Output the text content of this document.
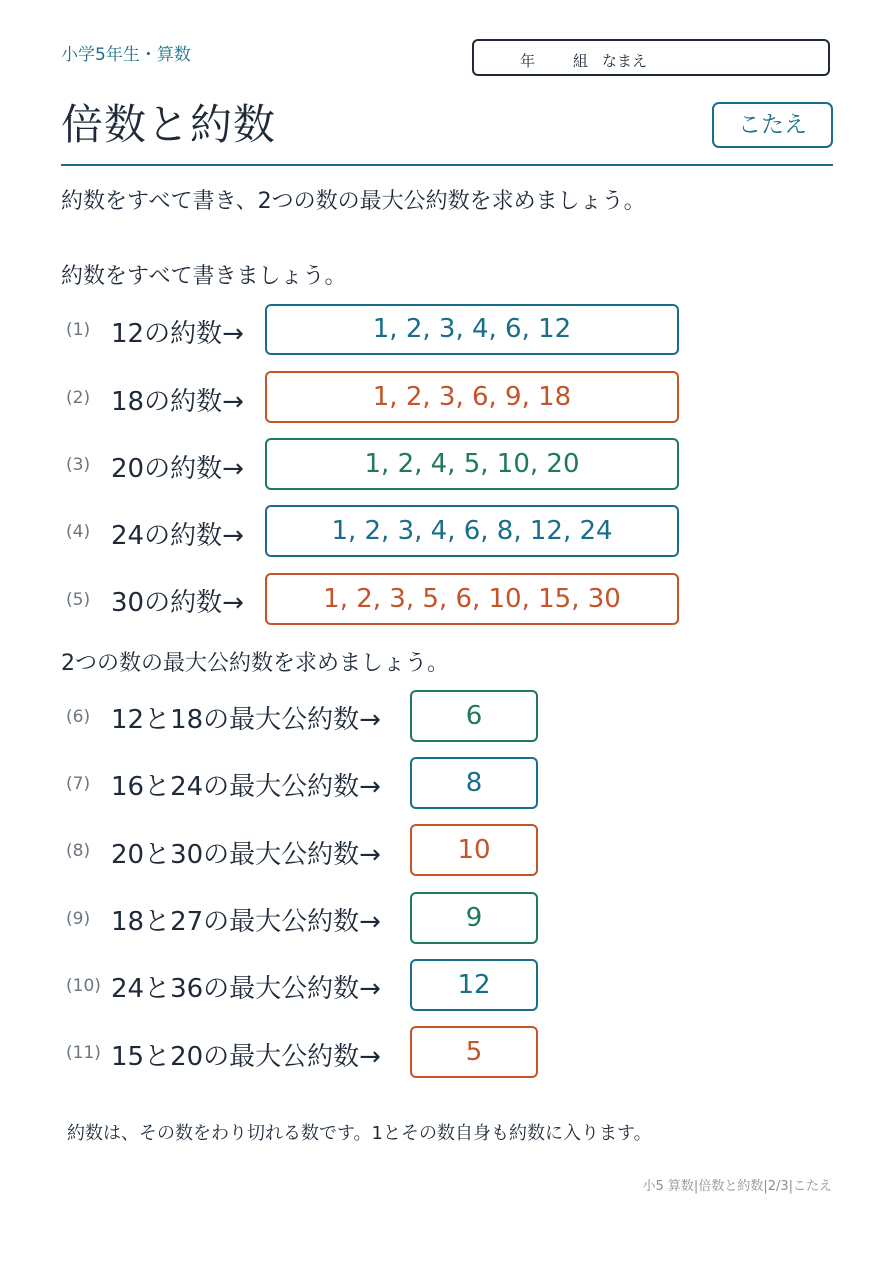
小学5年生・算数	年	組 なまえ
倍数と約数	こたえ
約数をすべて書き、2つの数の最大公約数を求めましょう。
約数をすべて書きましょう。
(1) 12の約数→	1, 2, 3, 4, 6, 12
(2) 18の約数→	1, 2, 3, 6, 9, 18
(3) 20の約数→	1, 2, 4, 5, 10, 20
(4) 24の約数→	1, 2, 3, 4, 6, 8, 12, 24
(5) 30の約数→	1, 2, 3, 5, 6, 10, 15, 30
2つの数の最大公約数を求めましょう。
(6) 12と18の最大公約数→	6
(7) 16と24の最大公約数→	8
(8) 20と30の最大公約数→	10
(9) 18と27の最大公約数→	9
(10) 24と36の最大公約数→	12
(11) 15と20の最大公約数→	5
約数は、その数をわり切れる数です。1とその数自身も約数に入ります。
小5 算数|倍数と約数|2/3|こたえ
